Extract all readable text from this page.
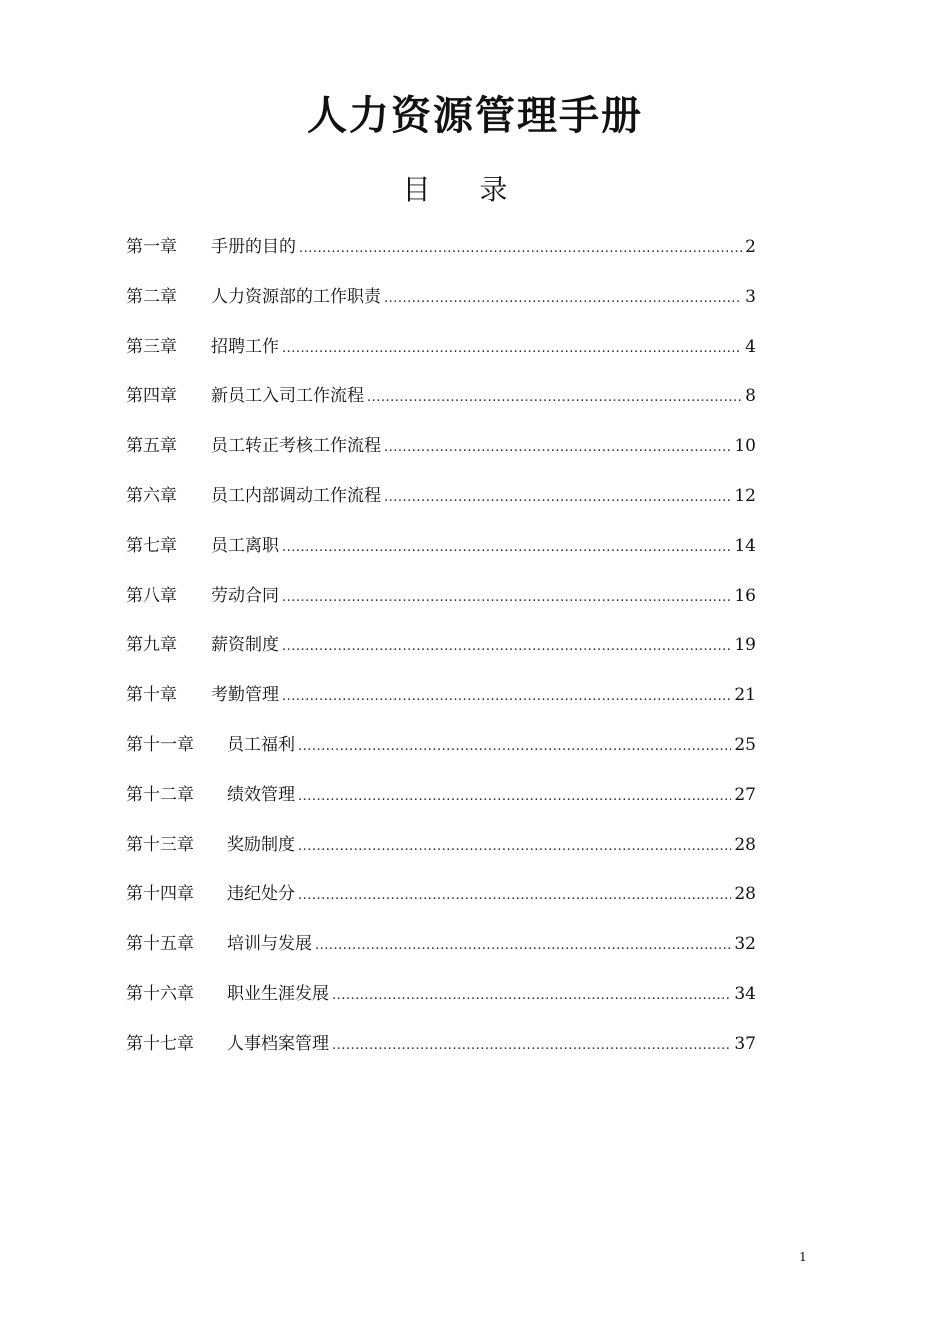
人力资源管理手册
目 录
第一章	手册的目的 .....	2
第二章	人力资源部的工作职责 .....	3
第三章	招聘工作 .....	4
第四章	新员工入司工作流程 .....	8
第五章	员工转正考核工作流程 .....	10
第六章	员工内部调动工作流程 .....	12
第七章	员工离职 .....	14
第八章	劳动合同 .....	16
第九章	薪资制度 .....	19
第十章	考勤管理 .....	21
第十一章	员工福利 .....	25
第十二章	绩效管理 .....	27
第十三章	奖励制度 .....	28
第十四章	违纪处分 .....	28
第十五章	培训与发展 .....	32
第十六章	职业生涯发展 .....	34
第十七章	人事档案管理 .....	37
1
